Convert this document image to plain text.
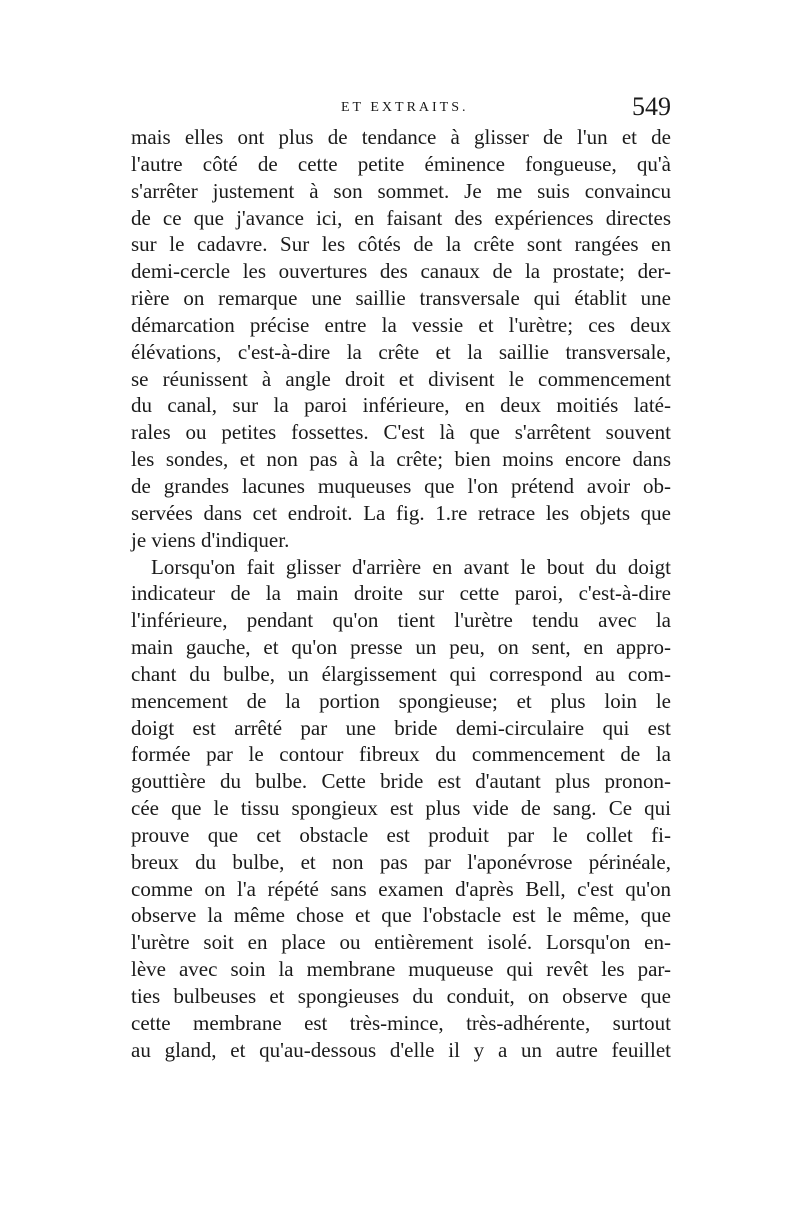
ET EXTRAITS.	549
mais elles ont plus de tendance à glisser de l'un et de
l'autre côté de cette petite éminence fongueuse, qu'à
s'arrêter justement à son sommet. Je me suis convaincu
de ce que j'avance ici, en faisant des expériences directes
sur le cadavre. Sur les côtés de la crête sont rangées en
demi-cercle les ouvertures des canaux de la prostate; der-
rière on remarque une saillie transversale qui établit une
démarcation précise entre la vessie et l'urètre; ces deux
élévations, c'est-à-dire la crête et la saillie transversale,
se réunissent à angle droit et divisent le commencement
du canal, sur la paroi inférieure, en deux moitiés laté-
rales ou petites fossettes. C'est là que s'arrêtent souvent
les sondes, et non pas à la crête; bien moins encore dans
de grandes lacunes muqueuses que l'on prétend avoir ob-
servées dans cet endroit. La fig. 1.re retrace les objets que
je viens d'indiquer.
Lorsqu'on fait glisser d'arrière en avant le bout du doigt
indicateur de la main droite sur cette paroi, c'est-à-dire
l'inférieure, pendant qu'on tient l'urètre tendu avec la
main gauche, et qu'on presse un peu, on sent, en appro-
chant du bulbe, un élargissement qui correspond au com-
mencement de la portion spongieuse; et plus loin le
doigt est arrêté par une bride demi-circulaire qui est
formée par le contour fibreux du commencement de la
gouttière du bulbe. Cette bride est d'autant plus pronon-
cée que le tissu spongieux est plus vide de sang. Ce qui
prouve que cet obstacle est produit par le collet fi-
breux du bulbe, et non pas par l'aponévrose périnéale,
comme on l'a répété sans examen d'après Bell, c'est qu'on
observe la même chose et que l'obstacle est le même, que
l'urètre soit en place ou entièrement isolé. Lorsqu'on en-
lève avec soin la membrane muqueuse qui revêt les par-
ties bulbeuses et spongieuses du conduit, on observe que
cette membrane est très-mince, très-adhérente, surtout
au gland, et qu'au-dessous d'elle il y a un autre feuillet
